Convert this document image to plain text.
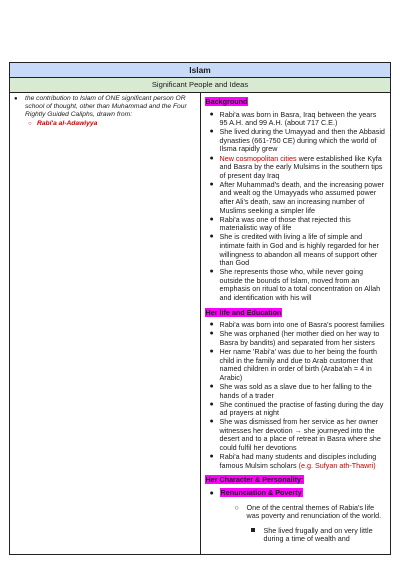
Islam
Significant People and Ideas

●	the contribution to Islam of ONE significant person OR school of thought, other than Muhammad and the Four Rightly Guided Caliphs, drawn from:
○ Rabi'a al-Adawiyya

Background
● Rabi'a was born in Basra, Iraq between the years 95 A.H. and 99 A.H. (about 717 C.E.)
● She lived during the Umayyad and then the Abbasid dynasties (661-750 CE) during which the world of Ilsma rapidly grew
● New cosmopolitan cities were established like Kyfa and Basra by the early Mulsims in the southern tips of present day Iraq
● After Muhammad's death, and the increasing power and wealt og the Umayyads who assumed power after Ali's death, saw an increasing number of Muslims seeking a simpler life
● Rabi'a was one of those that rejected this materialistic way of life
● She is credited with living a life of simple and intimate faith in God and is highly regarded for her willingness to abandon all means of support other than God
● She represents those who, while never going outside the bounds of Islam, moved from an emphasis on ritual to a total concentration on Allah and identification with his will
Her life and Education
● Rabi'a was born into one of Basra's poorest families
● She was orphaned (her mother died on her way to Basra by bandits) and separated from her sisters
● Her name 'Rabi'a' was due to her being the fourth child in the family and due to Arab customer that named children in order of birth (Araba'ah = 4 in Arabic)
● She was sold as a slave due to her falling to the hands of a trader
● She continued the practise of fasting during the day ad prayers at night
● She was dismissed from her service as her owner witnesses her devotion → she journeyed into the desert and to a place of retreat in Basra where she could fulfil her devotions
● Rabi'a had many students and disciples including famous Mulsim scholars (e.g. Sufyan ath-Thawri)
Her Character & Personality:
● Renunciation & Poverty
○ One of the central themes of Rabia's life was poverty and renunciation of the world.
She lived frugally and on very little during a time of wealth and
